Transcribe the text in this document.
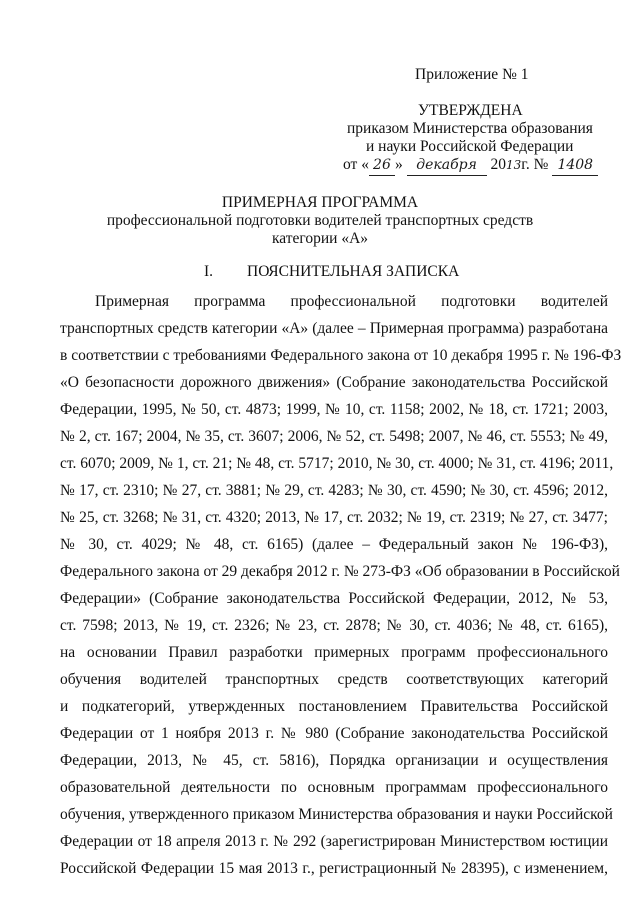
Приложение № 1
УТВЕРЖДЕНА
приказом Министерства образования
и науки Российской Федерации
от « 26 » декабря 2013г. № 1408
ПРИМЕРНАЯ ПРОГРАММА
профессиональной подготовки водителей транспортных средств
категории «А»
I. ПОЯСНИТЕЛЬНАЯ ЗАПИСКА
Примерная программа профессиональной подготовки водителей
транспортных средств категории «А» (далее – Примерная программа) разработана
в соответствии с требованиями Федерального закона от 10 декабря 1995 г. № 196-ФЗ
«О безопасности дорожного движения» (Собрание законодательства Российской
Федерации, 1995, № 50, ст. 4873; 1999, № 10, ст. 1158; 2002, № 18, ст. 1721; 2003,
№ 2, ст. 167; 2004, № 35, ст. 3607; 2006, № 52, ст. 5498; 2007, № 46, ст. 5553; № 49,
ст. 6070; 2009, № 1, ст. 21; № 48, ст. 5717; 2010, № 30, ст. 4000; № 31, ст. 4196; 2011,
№ 17, ст. 2310; № 27, ст. 3881; № 29, ст. 4283; № 30, ст. 4590; № 30, ст. 4596; 2012,
№ 25, ст. 3268; № 31, ст. 4320; 2013, № 17, ст. 2032; № 19, ст. 2319; № 27, ст. 3477;
№ 30, ст. 4029; № 48, ст. 6165) (далее – Федеральный закон № 196-ФЗ),
Федерального закона от 29 декабря 2012 г. № 273-ФЗ «Об образовании в Российской
Федерации» (Собрание законодательства Российской Федерации, 2012, № 53,
ст. 7598; 2013, № 19, ст. 2326; № 23, ст. 2878; № 30, ст. 4036; № 48, ст. 6165),
на основании Правил разработки примерных программ профессионального
обучения водителей транспортных средств соответствующих категорий
и подкатегорий, утвержденных постановлением Правительства Российской
Федерации от 1 ноября 2013 г. № 980 (Собрание законодательства Российской
Федерации, 2013, № 45, ст. 5816), Порядка организации и осуществления
образовательной деятельности по основным программам профессионального
обучения, утвержденного приказом Министерства образования и науки Российской
Федерации от 18 апреля 2013 г. № 292 (зарегистрирован Министерством юстиции
Российской Федерации 15 мая 2013 г., регистрационный № 28395), с изменением,
